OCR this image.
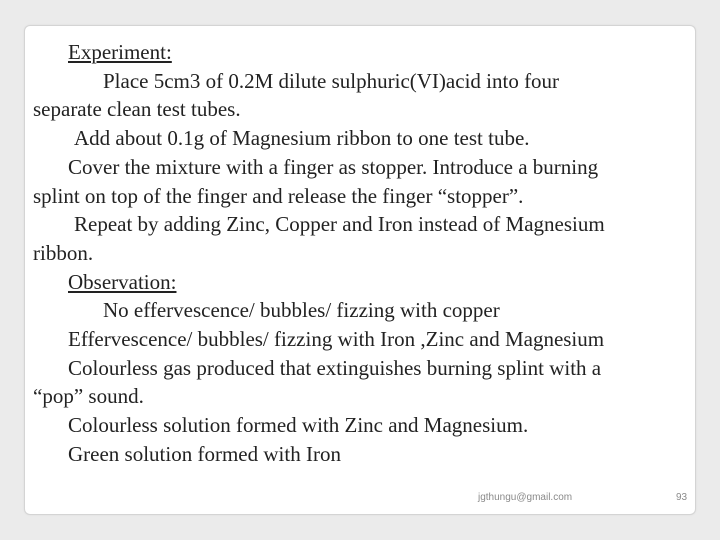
Experiment:
Place 5cm3 of 0.2M dilute sulphuric(VI)acid into four
separate clean test tubes.
Add about 0.1g of Magnesium ribbon to one test tube.
Cover the mixture with a finger as stopper. Introduce a burning
splint on top of the finger and release the finger “stopper”.
Repeat by adding Zinc, Copper and Iron instead of Magnesium
ribbon.
Observation:
No effervescence/ bubbles/ fizzing with copper
Effervescence/ bubbles/ fizzing with Iron ,Zinc and Magnesium
Colourless gas produced that extinguishes burning splint with a
“pop” sound.
Colourless solution formed with Zinc and Magnesium.
Green solution formed with Iron
jgthungu@gmail.com	93
